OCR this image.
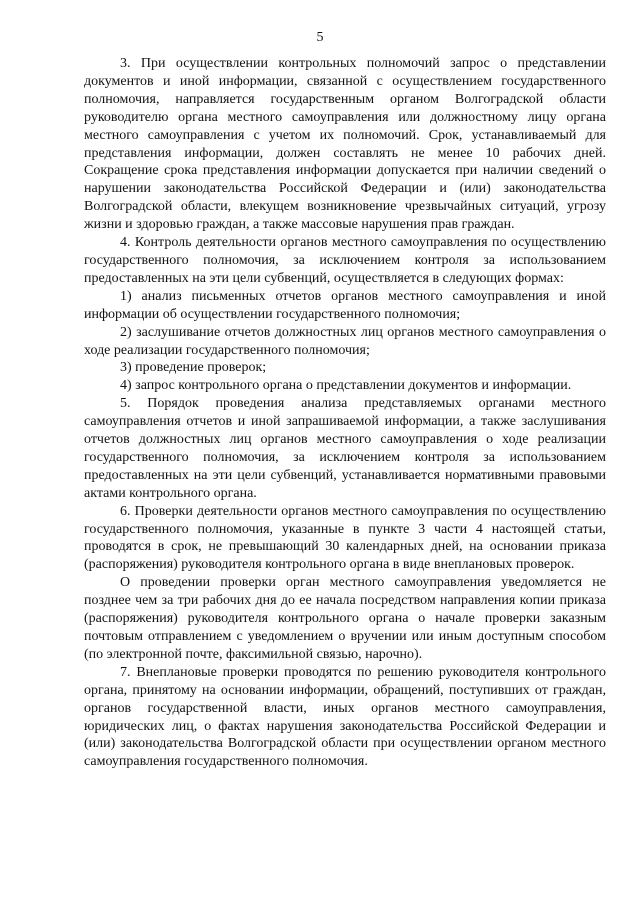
5

3. При осуществлении контрольных полномочий запрос о представлении документов и иной информации, связанной с осуществлением государственного полномочия, направляется государственным органом Волгоградской области руководителю органа местного самоуправления или должностному лицу органа местного самоуправления с учетом их полномочий. Срок, устанавливаемый для представления информации, должен составлять не менее 10 рабочих дней. Сокращение срока представления информации допускается при наличии сведений о нарушении законодательства Российской Федерации и (или) законодательства Волгоградской области, влекущем возникновение чрезвычайных ситуаций, угрозу жизни и здоровью граждан, а также массовые нарушения прав граждан.

4. Контроль деятельности органов местного самоуправления по осуществлению государственного полномочия, за исключением контроля за использованием предоставленных на эти цели субвенций, осуществляется в следующих формах:

1) анализ письменных отчетов органов местного самоуправления и иной информации об осуществлении государственного полномочия;

2) заслушивание отчетов должностных лиц органов местного самоуправления о ходе реализации государственного полномочия;

3) проведение проверок;

4) запрос контрольного органа о представлении документов и информации.

5. Порядок проведения анализа представляемых органами местного самоуправления отчетов и иной запрашиваемой информации, а также заслушивания отчетов должностных лиц органов местного самоуправления о ходе реализации государственного полномочия, за исключением контроля за использованием предоставленных на эти цели субвенций, устанавливается нормативными правовыми актами контрольного органа.

6. Проверки деятельности органов местного самоуправления по осуществлению государственного полномочия, указанные в пункте 3 части 4 настоящей статьи, проводятся в срок, не превышающий 30 календарных дней, на основании приказа (распоряжения) руководителя контрольного органа в виде внеплановых проверок.

О проведении проверки орган местного самоуправления уведомляется не позднее чем за три рабочих дня до ее начала посредством направления копии приказа (распоряжения) руководителя контрольного органа о начале проверки заказным почтовым отправлением с уведомлением о вручении или иным доступным способом (по электронной почте, факсимильной связью, нарочно).

7. Внеплановые проверки проводятся по решению руководителя контрольного органа, принятому на основании информации, обращений, поступивших от граждан, органов государственной власти, иных органов местного самоуправления, юридических лиц, о фактах нарушения законодательства Российской Федерации и (или) законодательства Волгоградской области при осуществлении органом местного самоуправления государственного полномочия.
